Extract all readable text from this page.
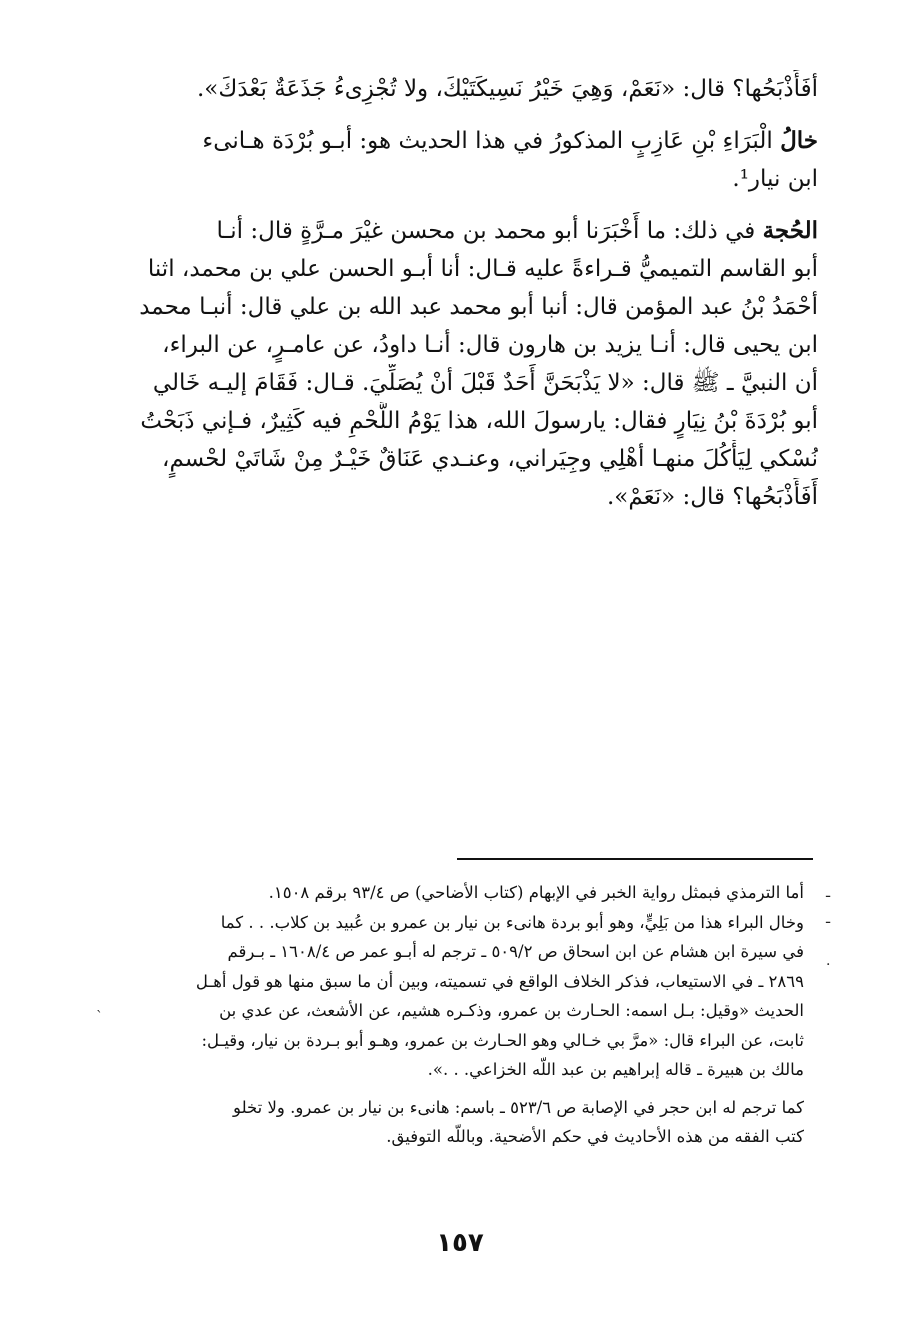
أفَأَذْبَحُها؟ قال: «نَعَمْ، وَهِيَ خَيْرُ نَسِيكَتَيْكَ، ولا تُجْزِىءُ جَذَعَةٌ بَعْدَكَ».
خالُ الْبَرَاءِ بْنِ عَازِبٍ المذكورُ في هذا الحديث هو: أبـو بُرْدَة هـانىء
ابن نيار¹.
الحُجة في ذلك: ما أَخْبَرَنا أبو محمد بن محسن غيْرَ مـرَّةٍ قال: أنـا
أبو القاسم التميميُّ قـراءةً عليه قـال: أنا أبـو الحسن علي بن محمد، اثنا
أحْمَدُ بْنُ عبد المؤمن قال: أنبا أبو محمد عبد الله بن علي قال: أنبـا محمد
ابن يحيى قال: أنـا يزيد بن هارون قال: أنـا داودُ، عن عامـرٍ، عن البراء،
أن النبيَّ ـ ﷺ قال: «لا يَذْبَحَنَّ أَحَدٌ قَبْلَ أنْ يُصَلِّيَ. قـال: فَقَامَ إليـه خَالي
أبو بُرْدَةَ بْنُ نِيَارٍ فقال: يارسولَ الله، هذا يَوْمُ اللَّحْمِ فيه كَثِيرٌ، فـإني ذَبَحْتُ
نُسْكي لِيَأْكُلَ منهـا أهْلِي وجِيَراني، وعنـدي عَنَاقٌ خَيْـرٌ مِنْ شَاتَيْ لحْسمٍ،
أَفَأَذْبَحُها؟ قال: «نَعَمْ».
ـ
ـ
·
`
أما الترمذي فبمثل رواية الخبر في الإبهام (كتاب الأضاحي) ص ٩٣/٤ برقم ١٥٠٨.
وخال البراء هذا من بَلِيٍّ، وهو أبو بردة هانىء بن نيار بن عمرو بن عُبيد بن كلاب. . . كما
في سيرة ابن هشام عن ابن اسحاق ص ٥٠٩/٢ ـ ترجم له أبـو عمر ص ١٦٠٨/٤ ـ بـرقم
٢٨٦٩ ـ في الاستيعاب، فذكر الخلاف الواقع في تسميته، وبين أن ما سبق منها هو قول أهـل
الحديث «وقيل: بـل اسمه: الحـارث بن عمرو، وذكـره هشيم، عن الأشعث، عن عدي بن
ثابت، عن البراء قال: «مرَّ بي خـالي وهو الحـارث بن عمرو، وهـو أبو بـردة بن نيار، وقيـل:
مالك بن هبيرة ـ قاله إبراهيم بن عبد اللّه الخزاعي. . .».
كما ترجم له ابن حجر في الإصابة ص ٥٢٣/٦ ـ باسم: هانىء بن نيار بن عمرو. ولا تخلو
كتب الفقه من هذه الأحاديث في حكم الأضحية. وباللّه التوفيق.
١٥٧
